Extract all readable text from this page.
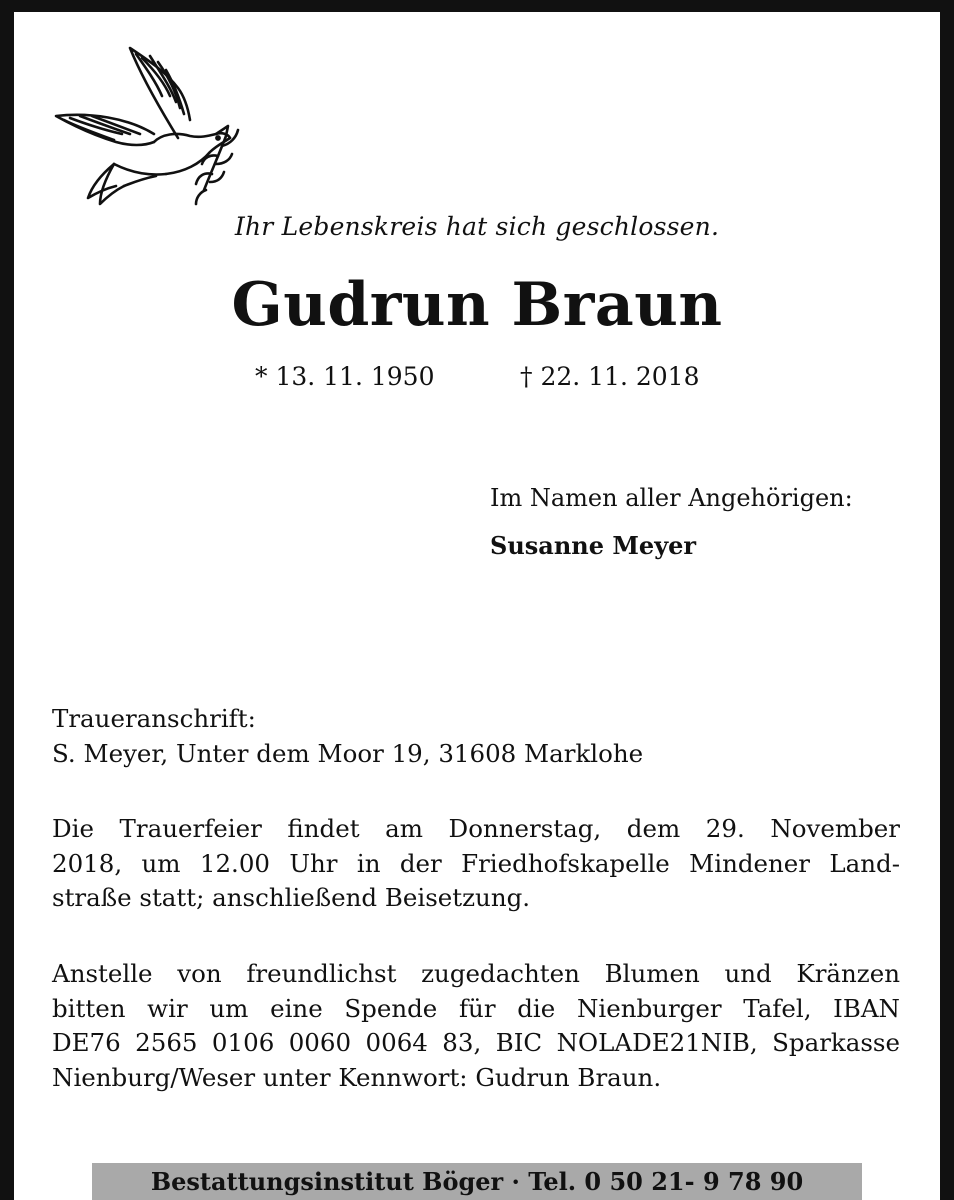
Ihr Lebenskreis hat sich geschlossen.
Gudrun Braun
* 13. 11. 1950	† 22. 11. 2018
Im Namen aller Angehörigen:
Susanne Meyer

Traueranschrift:

S. Meyer, Unter dem Moor 19, 31608 Marklohe

Die Trauerfeier findet am Donnerstag, dem 29. November

2018, um 12.00 Uhr in der Friedhofskapelle Mindener Land-

straße statt; anschließend Beisetzung.

Anstelle von freundlichst zugedachten Blumen und Kränzen

bitten wir um eine Spende für die Nienburger Tafel, IBAN

DE76 2565 0106 0060 0064 83, BIC NOLADE21NIB, Sparkasse

Nienburg/Weser unter Kennwort: Gudrun Braun.

Bestattungsinstitut Böger · Tel. 0 50 21- 9 78 90
